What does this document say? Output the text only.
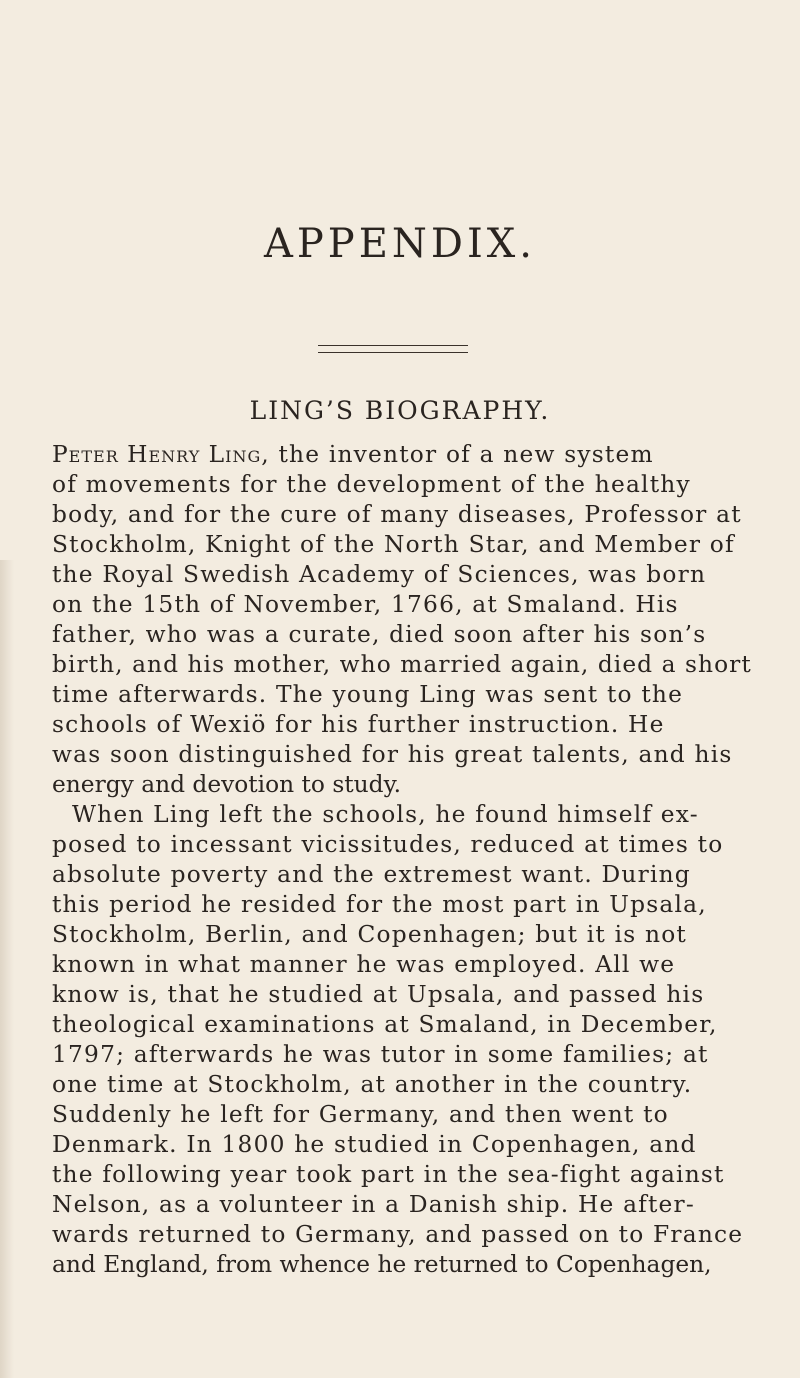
APPENDIX.
LING’S BIOGRAPHY.
Peter Henry Ling, the inventor of a new system
of movements for the development of the healthy
body, and for the cure of many diseases, Professor at
Stockholm, Knight of the North Star, and Member of
the Royal Swedish Academy of Sciences, was born
on the 15th of November, 1766, at Smaland. His
father, who was a curate, died soon after his son’s
birth, and his mother, who married again, died a short
time afterwards. The young Ling was sent to the
schools of Wexiö for his further instruction. He
was soon distinguished for his great talents, and his
energy and devotion to study.
When Ling left the schools, he found himself ex-
posed to incessant vicissitudes, reduced at times to
absolute poverty and the extremest want. During
this period he resided for the most part in Upsala,
Stockholm, Berlin, and Copenhagen; but it is not
known in what manner he was employed. All we
know is, that he studied at Upsala, and passed his
theological examinations at Smaland, in December,
1797; afterwards he was tutor in some families; at
one time at Stockholm, at another in the country.
Suddenly he left for Germany, and then went to
Denmark. In 1800 he studied in Copenhagen, and
the following year took part in the sea-fight against
Nelson, as a volunteer in a Danish ship. He after-
wards returned to Germany, and passed on to France
and England, from whence he returned to Copenhagen,
